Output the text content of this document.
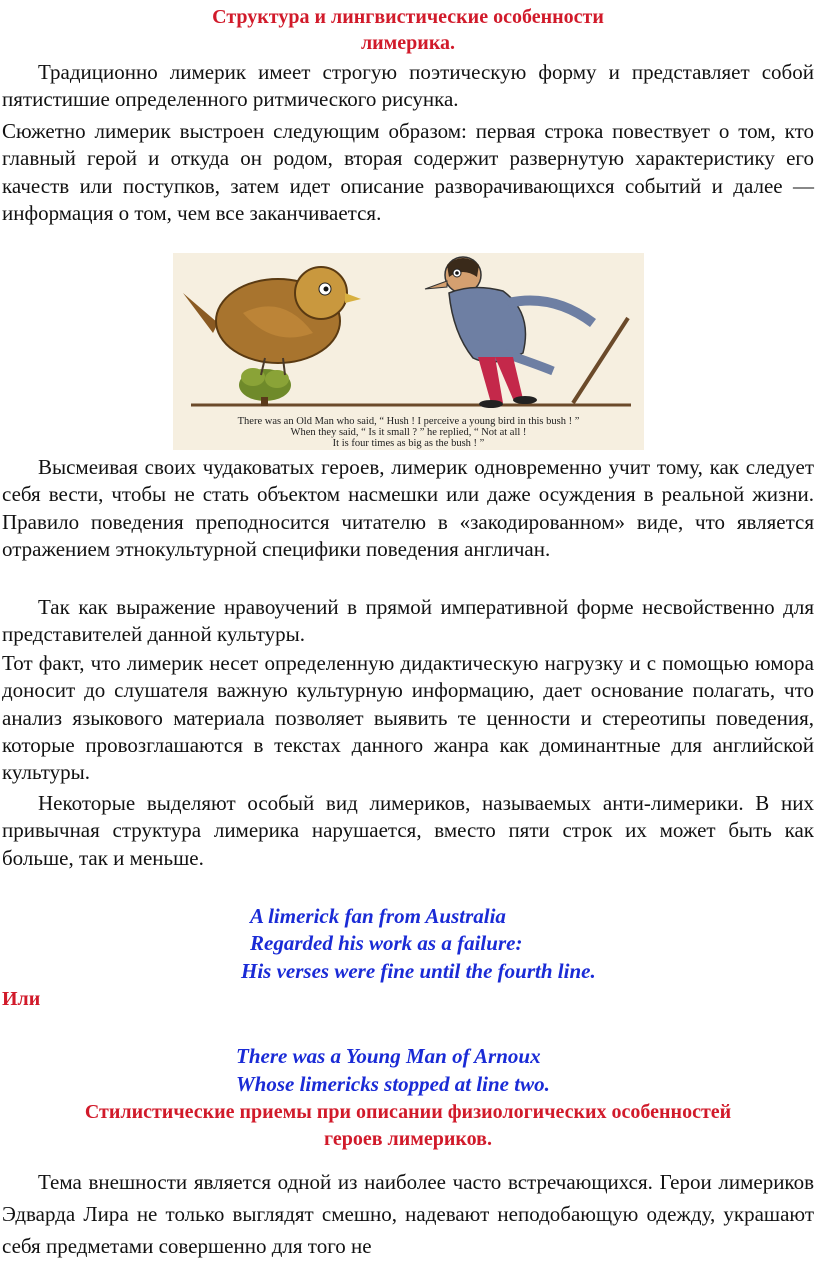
Структура и лингвистические особенности
лимерика.
Традиционно лимерик имеет строгую поэтическую форму и представляет собой пятистишие определенного ритмического рисунка.
Сюжетно лимерик выстроен следующим образом: первая строка повествует о том, кто главный герой и откуда он родом, вторая содержит развернутую характеристику его качеств или поступков, затем идет описание разворачивающихся событий и далее — информация о том, чем все заканчивается.
There was an Old Man who said, “ Hush ! I perceive a young bird in this bush ! ”
When they said, “ Is it small ? ” he replied, “ Not at all !
It is four times as big as the bush ! ”
Высмеивая своих чудаковатых героев, лимерик одновременно учит тому, как следует себя вести, чтобы не стать объектом насмешки или даже осуждения в реальной жизни. Правило поведения преподносится читателю в «закодированном» виде, что является отражением этнокультурной специфики поведения англичан.
Так как выражение нравоучений в прямой императивной форме несвойственно для представителей данной культуры.
Тот факт, что лимерик несет определенную дидактическую нагрузку и с помощью юмора доносит до слушателя важную культурную информацию, дает основание полагать, что анализ языкового материала позволяет выявить те ценности и стереотипы поведения, которые провозглашаются в текстах данного жанра как доминантные для английской культуры.
Некоторые выделяют особый вид лимериков, называемых анти-лимерики. В них привычная структура лимерика нарушается, вместо пяти строк их может быть как больше, так и меньше.
A limerick fan from Australia
Regarded his work as a failure:
His verses were fine until the fourth line.
Или
There was a Young Man of Arnoux
Whose limericks stopped at line two.
Стилистические приемы при описании физиологических особенностей
героев лимериков.
Тема внешности является одной из наиболее часто встречающихся. Герои лимериков Эдварда Лира не только выглядят смешно, надевают неподобающую одежду, украшают себя предметами совершенно для того не
